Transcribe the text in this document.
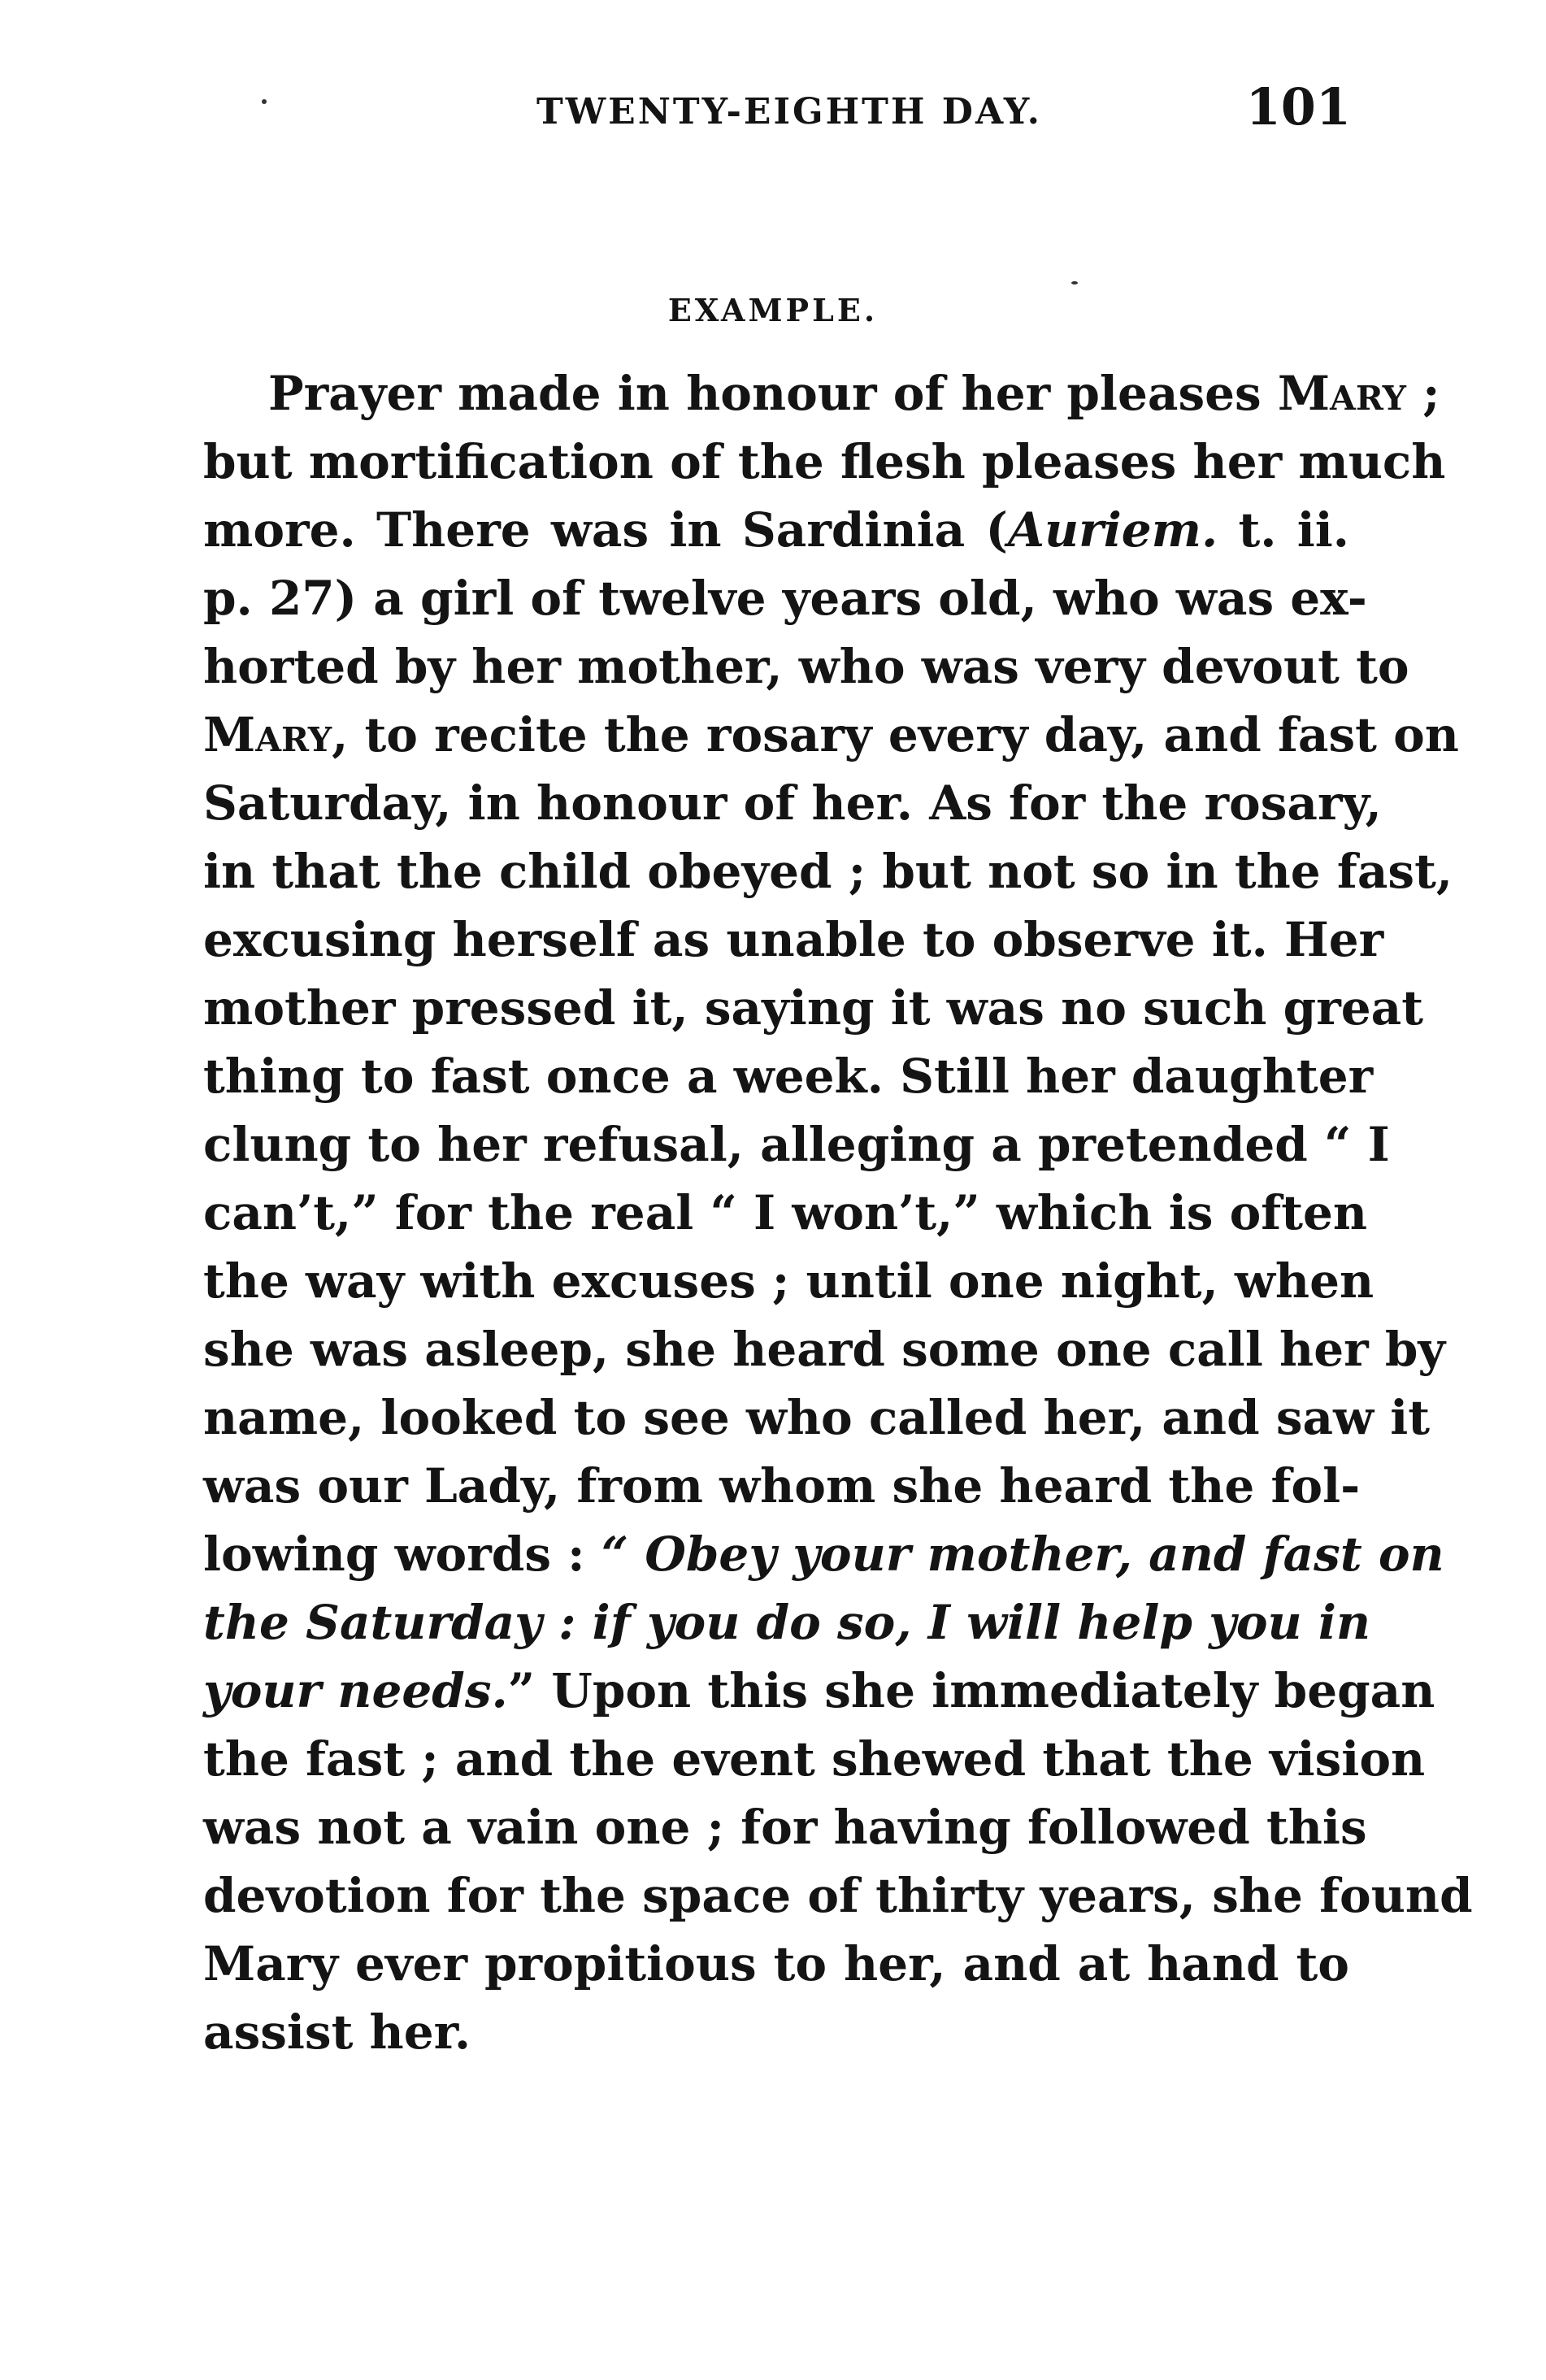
TWENTY-EIGHTH DAY.	101
EXAMPLE.
Prayer made in honour of her pleases Mary ;
but mortification of the flesh pleases her much
more. There was in Sardinia (Auriem. t. ii.
p. 27) a girl of twelve years old, who was ex-
horted by her mother, who was very devout to
Mary, to recite the rosary every day, and fast on
Saturday, in honour of her. As for the rosary,
in that the child obeyed ; but not so in the fast,
excusing herself as unable to observe it. Her
mother pressed it, saying it was no such great
thing to fast once a week. Still her daughter
clung to her refusal, alleging a pretended “ I
can’t,” for the real “ I won’t,” which is often
the way with excuses ; until one night, when
she was asleep, she heard some one call her by
name, looked to see who called her, and saw it
was our Lady, from whom she heard the fol-
lowing words : “ Obey your mother, and fast on
the Saturday : if you do so, I will help you in
your needs.” Upon this she immediately began
the fast ; and the event shewed that the vision
was not a vain one ; for having followed this
devotion for the space of thirty years, she found
Mary ever propitious to her, and at hand to
assist her.
